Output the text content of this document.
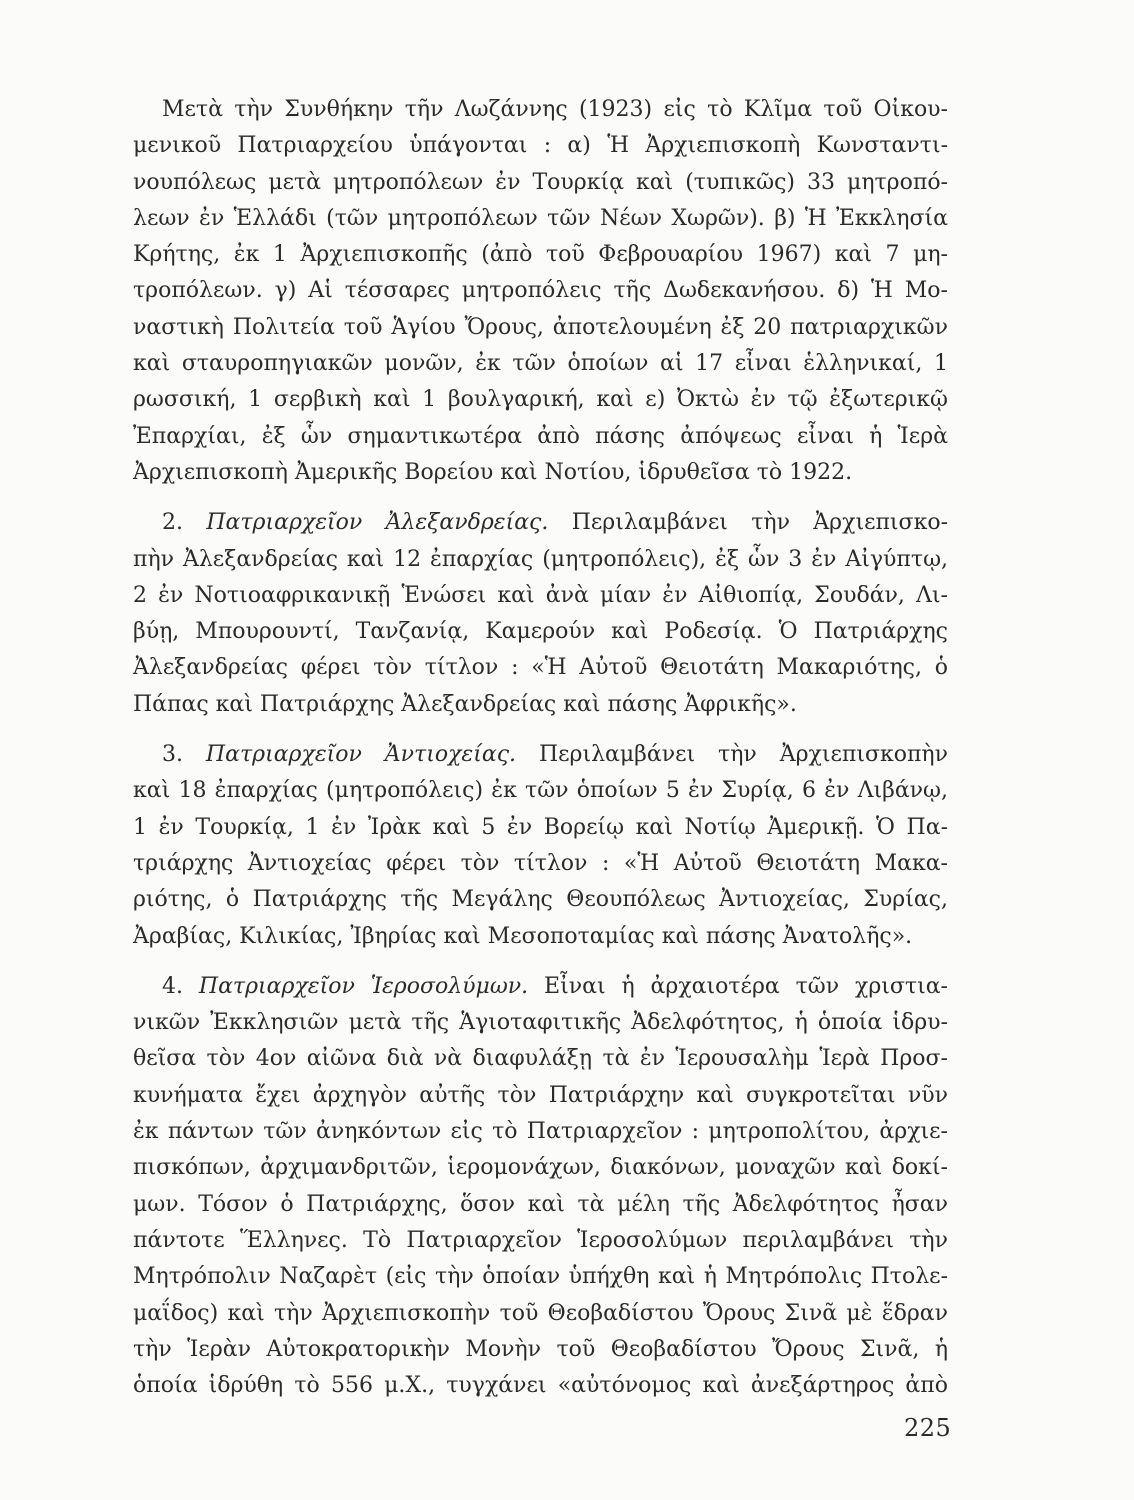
Μετὰ τὴν Συνθήκην τῆν Λωζάννης (1923) εἰς τὸ Κλῖμα τοῦ Οἰκου-
μενικοῦ Πατριαρχείου ὑπάγονται : α) Ἡ Ἀρχιεπισκοπὴ Κωνσταντι-
νουπόλεως μετὰ μητροπόλεων ἐν Τουρκίᾳ καὶ (τυπικῶς) 33 μητροπό-
λεων ἐν Ἑλλάδι (τῶν μητροπόλεων τῶν Νέων Χωρῶν). β) Ἡ Ἐκκλησία
Κρήτης, ἐκ 1 Ἀρχιεπισκοπῆς (ἀπὸ τοῦ Φεβρουαρίου 1967) καὶ 7 μη-
τροπόλεων. γ) Αἱ τέσσαρες μητροπόλεις τῆς Δωδεκανήσου. δ) Ἡ Μο-
ναστικὴ Πολιτεία τοῦ Ἁγίου Ὄρους, ἀποτελουμένη ἐξ 20 πατριαρχικῶν
καὶ σταυροπηγιακῶν μονῶν, ἐκ τῶν ὁποίων αἱ 17 εἶναι ἑλληνικαί, 1
ρωσσική, 1 σερβικὴ καὶ 1 βουλγαρική, καὶ ε) Ὀκτὼ ἐν τῷ ἐξωτερικῷ
Ἐπαρχίαι, ἐξ ὧν σημαντικωτέρα ἀπὸ πάσης ἀπόψεως εἶναι ἡ Ἱερὰ
Ἀρχιεπισκοπὴ Ἀμερικῆς Βορείου καὶ Νοτίου, ἱδρυθεῖσα τὸ 1922.
2. Πατριαρχεῖον Ἀλεξανδρείας. Περιλαμβάνει τὴν Ἀρχιεπισκο-
πὴν Ἀλεξανδρείας καὶ 12 ἐπαρχίας (μητροπόλεις), ἐξ ὧν 3 ἐν Αἰγύπτῳ,
2 ἐν Νοτιοαφρικανικῇ Ἑνώσει καὶ ἀνὰ μίαν ἐν Αἰθιοπίᾳ, Σουδάν, Λι-
βύῃ, Μπουρουντί, Τανζανίᾳ, Καμερούν καὶ Ροδεσίᾳ. Ὁ Πατριάρχης
Ἀλεξανδρείας φέρει τὸν τίτλον : «Ἡ Αὐτοῦ Θειοτάτη Μακαριότης, ὁ
Πάπας καὶ Πατριάρχης Ἀλεξανδρείας καὶ πάσης Ἀφρικῆς».
3. Πατριαρχεῖον Ἀντιοχείας. Περιλαμβάνει τὴν Ἀρχιεπισκοπὴν
καὶ 18 ἐπαρχίας (μητροπόλεις) ἐκ τῶν ὁποίων 5 ἐν Συρίᾳ, 6 ἐν Λιβάνῳ,
1 ἐν Τουρκίᾳ, 1 ἐν Ἰρὰκ καὶ 5 ἐν Βορείῳ καὶ Νοτίῳ Ἀμερικῇ. Ὁ Πα-
τριάρχης Ἀντιοχείας φέρει τὸν τίτλον : «Ἡ Αὐτοῦ Θειοτάτη Μακα-
ριότης, ὁ Πατριάρχης τῆς Μεγάλης Θεουπόλεως Ἀντιοχείας, Συρίας,
Ἀραβίας, Κιλικίας, Ἰβηρίας καὶ Μεσοποταμίας καὶ πάσης Ἀνατολῆς».
4. Πατριαρχεῖον Ἱεροσολύμων. Εἶναι ἡ ἀρχαιοτέρα τῶν χριστια-
νικῶν Ἐκκλησιῶν μετὰ τῆς Ἁγιοταφιτικῆς Ἀδελφότητος, ἡ ὁποία ἱδρυ-
θεῖσα τὸν 4ον αἰῶνα διὰ νὰ διαφυλάξῃ τὰ ἐν Ἱερουσαλὴμ Ἱερὰ Προσ-
κυνήματα ἔχει ἀρχηγὸν αὐτῆς τὸν Πατριάρχην καὶ συγκροτεῖται νῦν
ἐκ πάντων τῶν ἀνηκόντων εἰς τὸ Πατριαρχεῖον : μητροπολίτου, ἀρχιε-
πισκόπων, ἀρχιμανδριτῶν, ἱερομονάχων, διακόνων, μοναχῶν καὶ δοκί-
μων. Τόσον ὁ Πατριάρχης, ὅσον καὶ τὰ μέλη τῆς Ἀδελφότητος ἦσαν
πάντοτε Ἕλληνες. Τὸ Πατριαρχεῖον Ἱεροσολύμων περιλαμβάνει τὴν
Μητρόπολιν Ναζαρὲτ (εἰς τὴν ὁποίαν ὑπήχθη καὶ ἡ Μητρόπολις Πτολε-
μαΐδος) καὶ τὴν Ἀρχιεπισκοπὴν τοῦ Θεοβαδίστου Ὄρους Σινᾶ μὲ ἕδραν
τὴν Ἱερὰν Αὐτοκρατορικὴν Μονὴν τοῦ Θεοβαδίστου Ὄρους Σινᾶ, ἡ
ὁποία ἱδρύθη τὸ 556 μ.Χ., τυγχάνει «αὐτόνομος καὶ ἀνεξάρτηρος ἀπὸ
225
